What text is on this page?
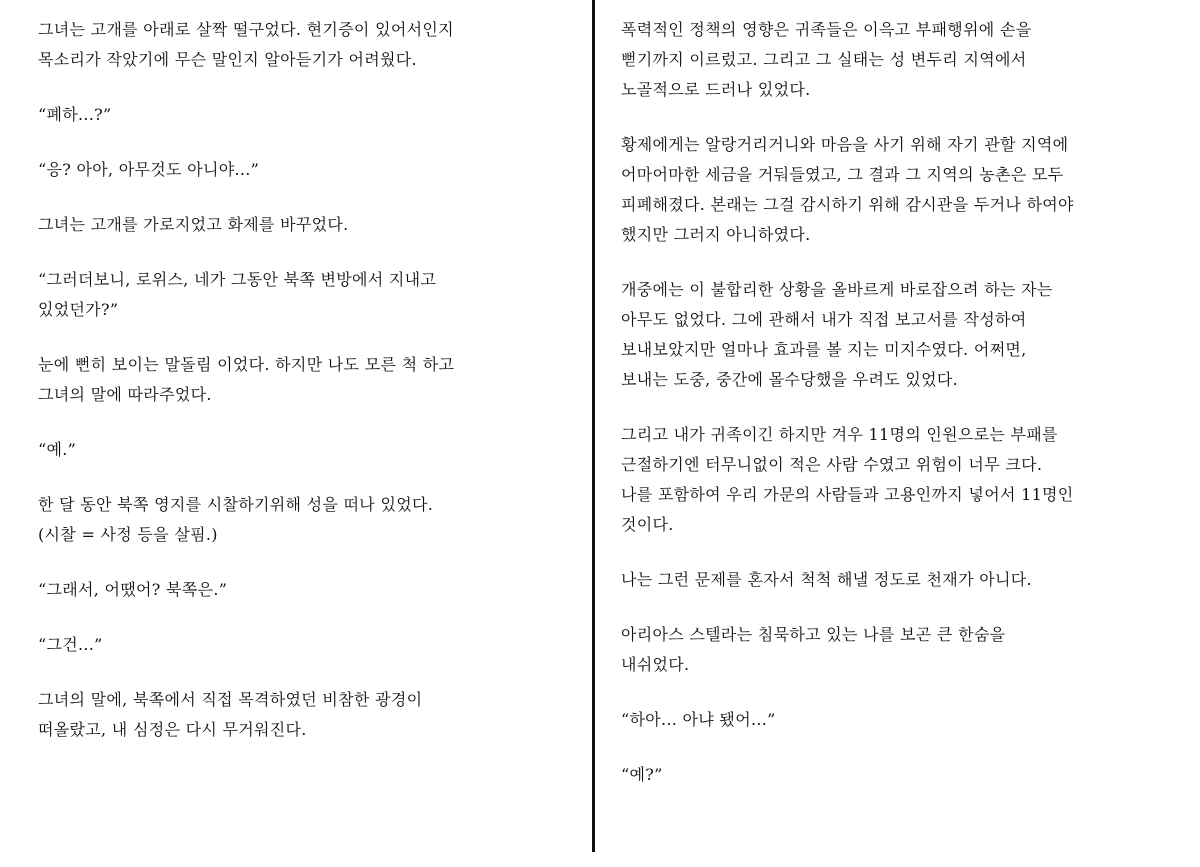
그녀는 고개를 아래로 살짝 떨구었다. 현기증이 있어서인지
목소리가 작았기에 무슨 말인지 알아듣기가 어려웠다.

“폐하...?”

“응? 아아, 아무것도 아니야...”

그녀는 고개를 가로지었고 화제를 바꾸었다.

“그러더보니, 로위스, 네가 그동안 북쪽 변방에서 지내고
있었던가?”

눈에 뻔히 보이는 말돌림 이었다. 하지만 나도 모른 척 하고
그녀의 말에 따라주었다.

“예.”

한 달 동안 북쪽 영지를 시찰하기위해 성을 떠나 있었다.
(시찰 = 사정 등을 살핌.)

“그래서, 어땠어? 북쪽은.”

“그건...”

그녀의 말에, 북쪽에서 직접 목격하였던 비참한 광경이
떠올랐고, 내 심정은 다시 무거워진다.

폭력적인 정책의 영향은 귀족들은 이윽고 부패행위에 손을
뻗기까지 이르렀고. 그리고 그 실태는 성 변두리 지역에서
노골적으로 드러나 있었다.

황제에게는 알랑거리거니와 마음을 사기 위해 자기 관할 지역에
어마어마한 세금을 거둬들였고, 그 결과 그 지역의 농촌은 모두
피폐해졌다. 본래는 그걸 감시하기 위해 감시관을 두거나 하여야
했지만 그러지 아니하였다.

개중에는 이 불합리한 상황을 올바르게 바로잡으려 하는 자는
아무도 없었다. 그에 관해서 내가 직접 보고서를 작성하여
보내보았지만 얼마나 효과를 볼 지는 미지수였다. 어쩌면,
보내는 도중, 중간에 몰수당했을 우려도 있었다.

그리고 내가 귀족이긴 하지만 겨우 11명의 인원으로는 부패를
근절하기엔 터무니없이 적은 사람 수였고 위험이 너무 크다.
나를 포함하여 우리 가문의 사람들과 고용인까지 넣어서 11명인
것이다.

나는 그런 문제를 혼자서 척척 해낼 정도로 천재가 아니다.

아리아스 스텔라는 침묵하고 있는 나를 보곤 큰 한숨을
내쉬었다.

“하아... 아냐 됐어...”

“예?”
